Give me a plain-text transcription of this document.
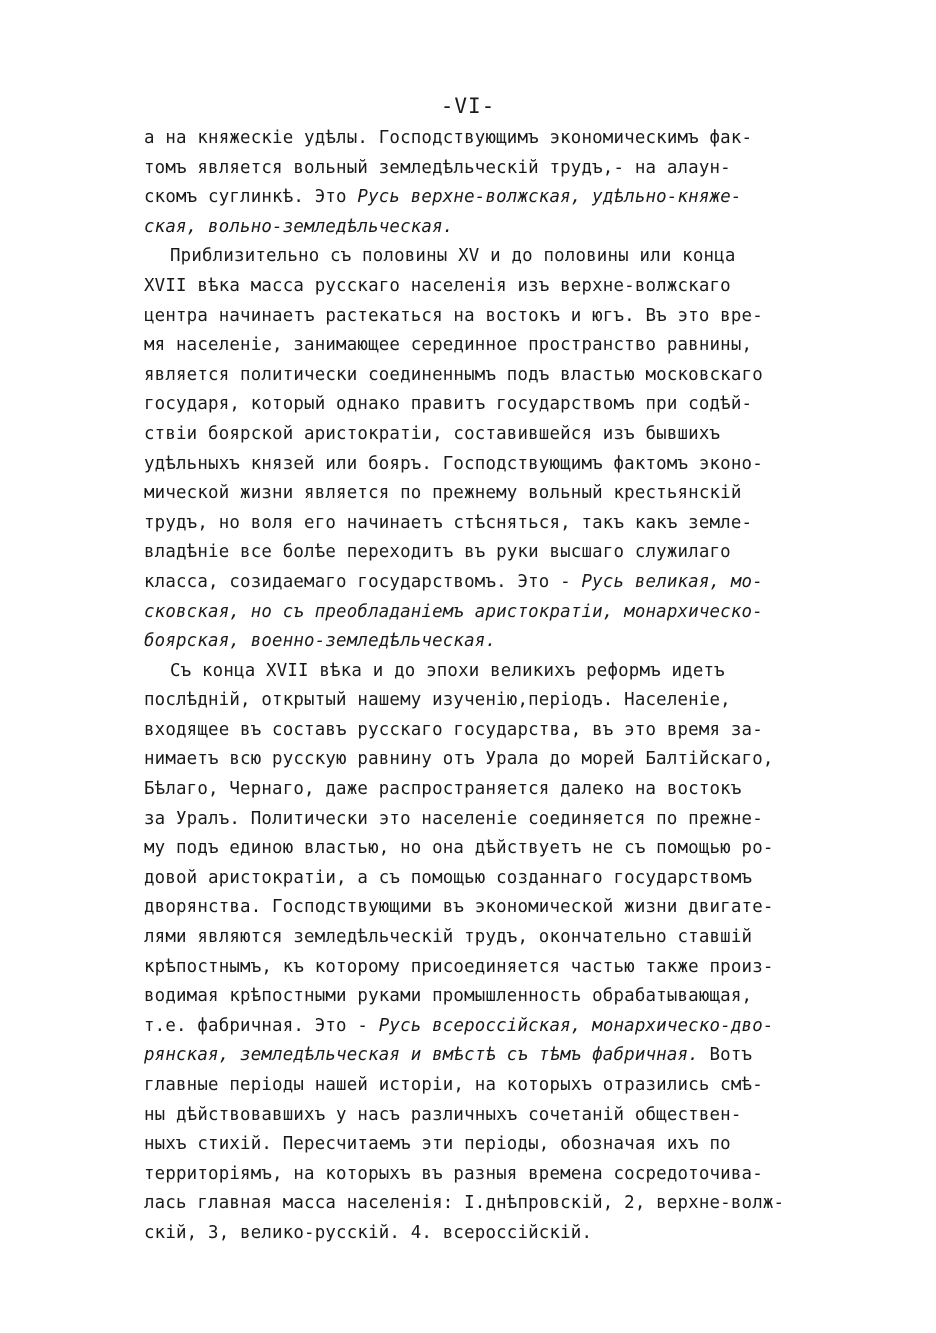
-VI-
а на княжескіе удѣлы. Господствующимъ экономическимъ фак-
томъ является вольный земледѣльческій трудъ,- на алаун-
скомъ суглинкѣ. Это Русь верхне-волжская, удѣльно-княже-
ская, вольно-земледѣльческая.
Приблизительно съ половины XV и до половины или конца
XVII вѣка масса русскаго населенія изъ верхне-волжскаго
центра начинаетъ растекаться на востокъ и югъ. Въ это вре-
мя населеніе, занимающее серединное пространство равнины,
является политически соединеннымъ подъ властью московскаго
государя, который однако правитъ государствомъ при содѣй-
ствіи боярской аристократіи, составившейся изъ бывшихъ
удѣльныхъ князей или бояръ. Господствующимъ фактомъ эконо-
мической жизни является по прежнему вольный крестьянскій
трудъ, но воля его начинаетъ стѣсняться, такъ какъ земле-
владѣніе все болѣе переходитъ въ руки высшаго служилаго
класса, созидаемаго государствомъ. Это - Русь великая, мо-
сковская, но съ преобладаніемъ аристократіи, монархическо-
боярская, военно-земледѣльческая.
Съ конца XVII вѣка и до эпохи великихъ реформъ идетъ
послѣдній, открытый нашему изученію,періодъ. Населеніе,
входящее въ составъ русскаго государства, въ это время за-
нимаетъ всю русскую равнину отъ Урала до морей Балтійскаго,
Бѣлаго, Чернаго, даже распространяется далеко на востокъ
за Уралъ. Политически это населеніе соединяется по прежне-
му подъ единою властью, но она дѣйствуетъ не съ помощью ро-
довой аристократіи, а съ помощью созданнаго государствомъ
дворянства. Господствующими въ экономической жизни двигате-
лями являются земледѣльческій трудъ, окончательно ставшій
крѣпостнымъ, къ которому присоединяется частью также произ-
водимая крѣпостными руками промышленность обрабатывающая,
т.е. фабричная. Это - Русь всероссійская, монархическо-дво-
рянская, земледѣльческая и вмѣстѣ съ тѣмъ фабричная. Вотъ
главные періоды нашей исторіи, на которыхъ отразились смѣ-
ны дѣйствовавшихъ у насъ различныхъ сочетаній обществен-
ныхъ стихій. Пересчитаемъ эти періоды, обозначая ихъ по
территоріямъ, на которыхъ въ разныя времена сосредоточива-
лась главная масса населенія: I.днѣпровскій, 2, верхне-волж-
скій, 3, велико-русскій. 4. всероссійскій.
